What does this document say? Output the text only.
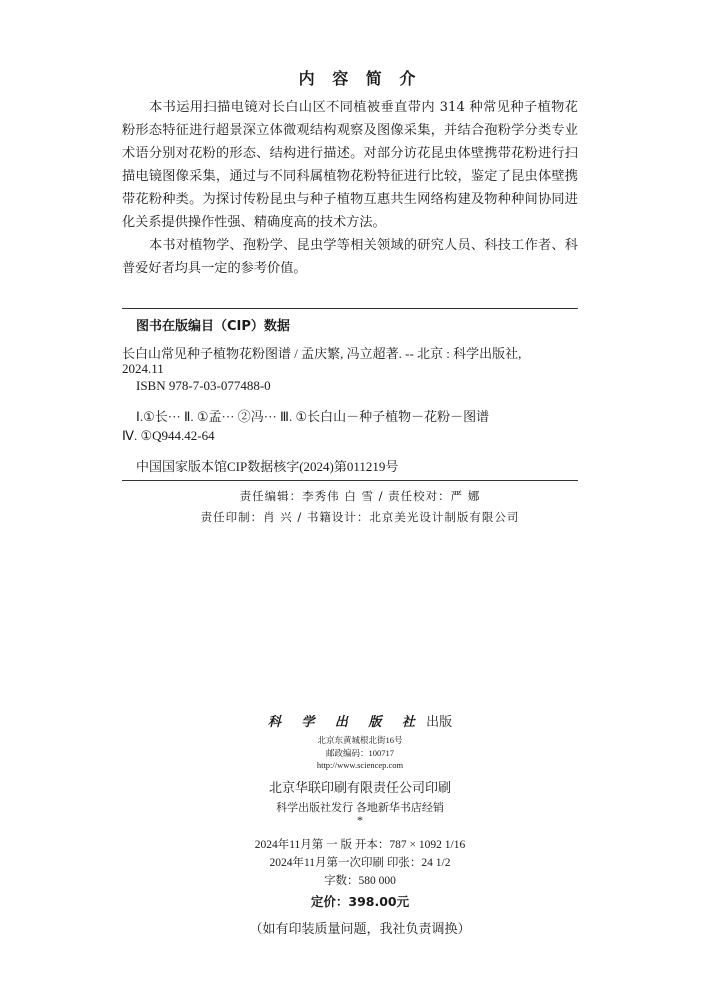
内 容 简 介

本书运用扫描电镜对长白山区不同植被垂直带内 314 种常见种子植物花粉形态特征进行超景深立体微观结构观察及图像采集，并结合孢粉学分类专业术语分别对花粉的形态、结构进行描述。对部分访花昆虫体壁携带花粉进行扫描电镜图像采集，通过与不同科属植物花粉特征进行比较，鉴定了昆虫体壁携带花粉种类。为探讨传粉昆虫与种子植物互惠共生网络构建及物种种间协同进化关系提供操作性强、精确度高的技术方法。

本书对植物学、孢粉学、昆虫学等相关领域的研究人员、科技工作者、科普爱好者均具一定的参考价值。

图书在版编目（CIP）数据
长白山常见种子植物花粉图谱 / 孟庆繁, 冯立超著. -- 北京 : 科学出版社,
2024.11
ISBN 978-7-03-077488-0
Ⅰ.①长··· Ⅱ. ①孟··· ②冯··· Ⅲ. ①长白山－种子植物－花粉－图谱
Ⅳ. ①Q944.42-64
中国国家版本馆CIP数据核字(2024)第011219号
责任编辑：李秀伟 白 雪 / 责任校对：严 娜
责任印制：肖 兴 / 书籍设计：北京美光设计制版有限公司
科 学 出 版 社 出版
北京东黄城根北街16号
邮政编码：100717
http://www.sciencep.com
北京华联印刷有限责任公司印刷
科学出版社发行 各地新华书店经销
*
2024年11月第 一 版 开本：787 × 1092 1/16
2024年11月第一次印刷 印张：24 1/2
字数：580 000
定价：398.00元
（如有印装质量问题，我社负责调换）
